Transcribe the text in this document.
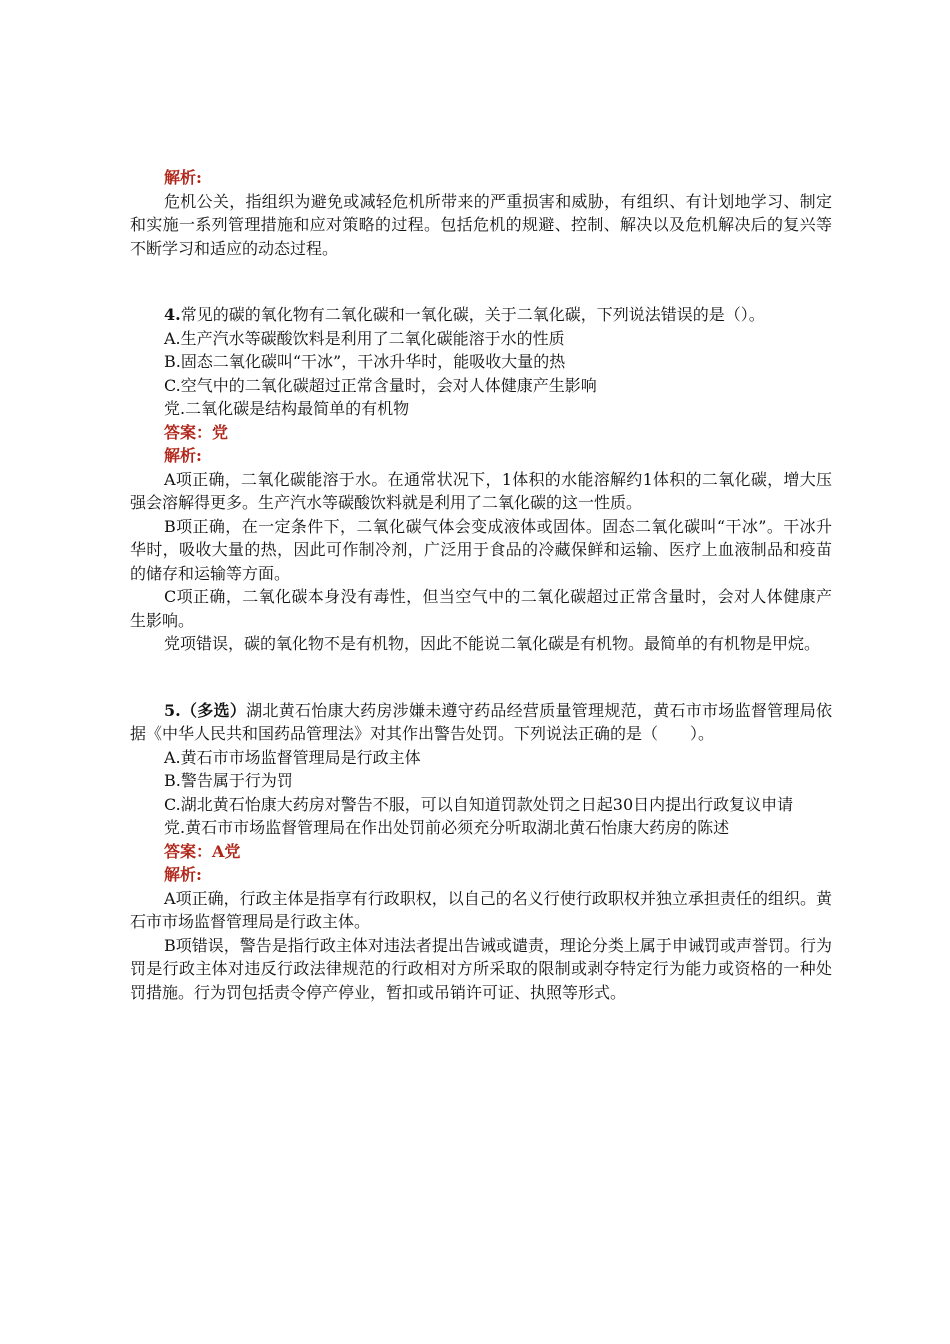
解析:

危机公关，指组织为避免或减轻危机所带来的严重损害和威胁，有组织、有计划地学习、制定和实施一系列管理措施和应对策略的过程。包括危机的规避、控制、解决以及危机解决后的复兴等不断学习和适应的动态过程。

4.常见的碳的氧化物有二氧化碳和一氧化碳，关于二氧化碳，下列说法错误的是（）。

A.生产汽水等碳酸饮料是利用了二氧化碳能溶于水的性质

B.固态二氧化碳叫“干冰”，干冰升华时，能吸收大量的热

C.空气中的二氧化碳超过正常含量时，会对人体健康产生影响

党.二氧化碳是结构最简单的有机物

答案：党

解析:

A项正确，二氧化碳能溶于水。在通常状况下，1体积的水能溶解约1体积的二氧化碳，增大压强会溶解得更多。生产汽水等碳酸饮料就是利用了二氧化碳的这一性质。

B项正确，在一定条件下，二氧化碳气体会变成液体或固体。固态二氧化碳叫“干冰”。干冰升华时，吸收大量的热，因此可作制冷剂，广泛用于食品的冷藏保鲜和运输、医疗上血液制品和疫苗的储存和运输等方面。

C项正确，二氧化碳本身没有毒性，但当空气中的二氧化碳超过正常含量时，会对人体健康产生影响。

党项错误，碳的氧化物不是有机物，因此不能说二氧化碳是有机物。最简单的有机物是甲烷。

5.（多选）湖北黄石怡康大药房涉嫌未遵守药品经营质量管理规范，黄石市市场监督管理局依据《中华人民共和国药品管理法》对其作出警告处罚。下列说法正确的是（　　）。

A.黄石市市场监督管理局是行政主体

B.警告属于行为罚

C.湖北黄石怡康大药房对警告不服，可以自知道罚款处罚之日起30日内提出行政复议申请

党.黄石市市场监督管理局在作出处罚前必须充分听取湖北黄石怡康大药房的陈述

答案：A党

解析:

A项正确，行政主体是指享有行政职权，以自己的名义行使行政职权并独立承担责任的组织。黄石市市场监督管理局是行政主体。

B项错误，警告是指行政主体对违法者提出告诫或谴责，理论分类上属于申诫罚或声誉罚。行为罚是行政主体对违反行政法律规范的行政相对方所采取的限制或剥夺特定行为能力或资格的一种处罚措施。行为罚包括责令停产停业，暂扣或吊销许可证、执照等形式。
